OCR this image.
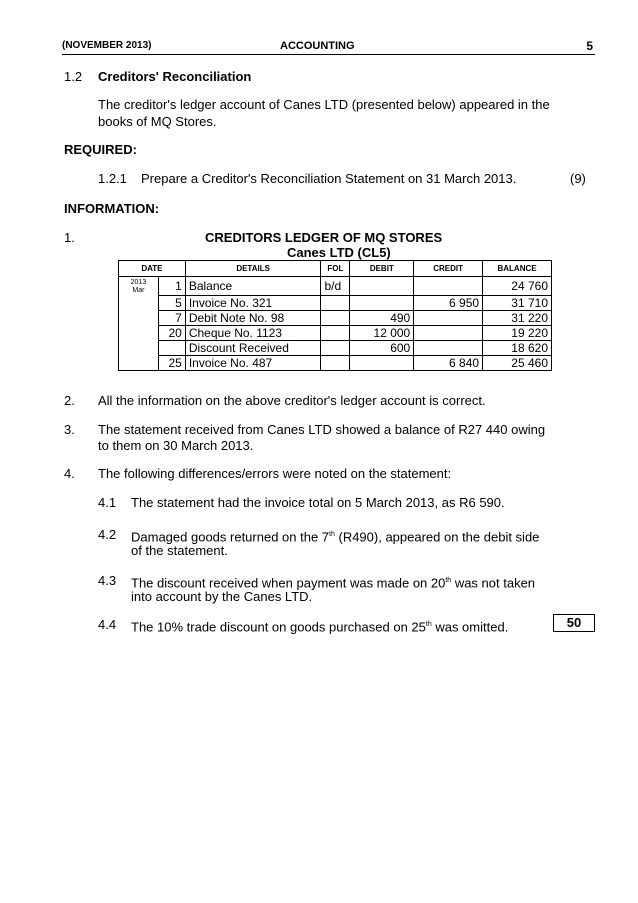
(NOVEMBER 2013)	ACCOUNTING	5
1.2 Creditors' Reconciliation
The creditor's ledger account of Canes LTD (presented below) appeared in the
books of MQ Stores.
REQUIRED:
1.2.1 Prepare a Creditor's Reconciliation Statement on 31 March 2013.	(9)
INFORMATION:
1.	CREDITORS LEDGER OF MQ STORES
Canes LTD (CL5)
DATE		DETAILS	FOL	DEBIT	CREDIT	BALANCE

2013
Mar	1	Balance	b/d			24 760
	5	Invoice No. 321			6 950	31 710
	7	Debit Note No. 98		490		31 220
	20	Cheque No. 1123		12 000		19 220
		Discount Received		600		18 620
	25	Invoice No. 487			6 840	25 460
2. All the information on the above creditor's ledger account is correct.
3. The statement received from Canes LTD showed a balance of R27 440 owing
to them on 30 March 2013.
4. The following differences/errors were noted on the statement:
4.1 The statement had the invoice total on 5 March 2013, as R6 590.
4.2 Damaged goods returned on the 7th (R490), appeared on the debit side
of the statement.
4.3 The discount received when payment was made on 20th was not taken
into account by the Canes LTD.
4.4 The 10% trade discount on goods purchased on 25th was omitted.	50
